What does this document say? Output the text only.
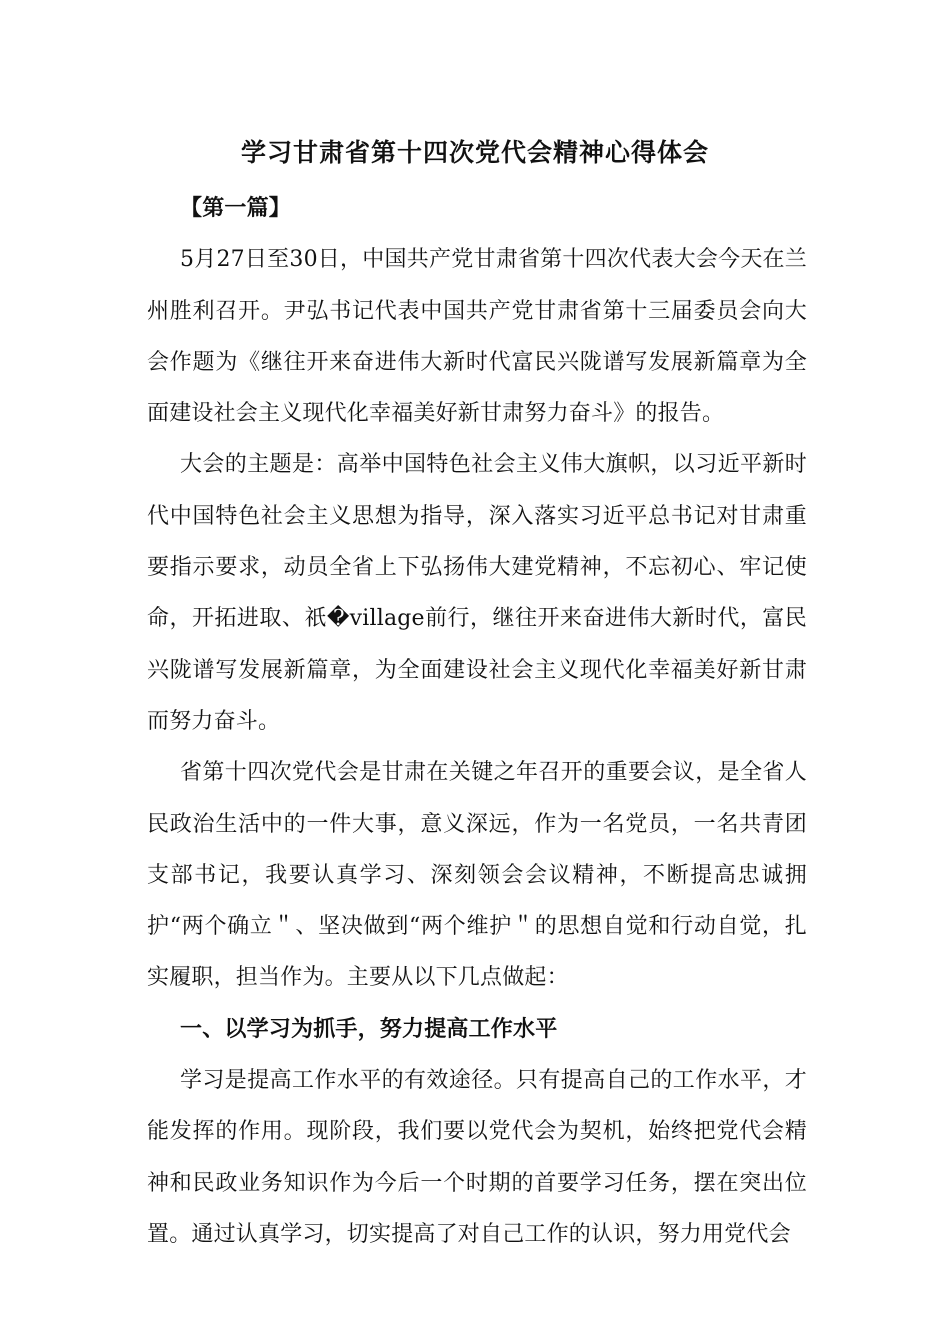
学习甘肃省第十四次党代会精神心得体会

【第一篇】

5月27日至30日，中国共产党甘肃省第十四次代表大会今天在兰州胜利召开。尹弘书记代表中国共产党甘肃省第十三届委员会向大会作题为《继往开来奋进伟大新时代富民兴陇谱写发展新篇章为全面建设社会主义现代化幸福美好新甘肃努力奋斗》的报告。

大会的主题是：高举中国特色社会主义伟大旗帜，以习近平新时代中国特色社会主义思想为指导，深入落实习近平总书记对甘肃重要指示要求，动员全省上下弘扬伟大建党精神，不忘初心、牢记使命，开拓进取、祇�village前行，继往开来奋进伟大新时代，富民兴陇谱写发展新篇章，为全面建设社会主义现代化幸福美好新甘肃而努力奋斗。

省第十四次党代会是甘肃在关键之年召开的重要会议，是全省人民政治生活中的一件大事，意义深远，作为一名党员，一名共青团支部书记，我要认真学习、深刻领会会议精神，不断提高忠诚拥护“两个确立＂、坚决做到“两个维护＂的思想自觉和行动自觉，扎实履职，担当作为。主要从以下几点做起：

一、以学习为抓手，努力提高工作水平

学习是提高工作水平的有效途径。只有提高自己的工作水平，才能发挥的作用。现阶段，我们要以党代会为契机，始终把党代会精神和民政业务知识作为今后一个时期的首要学习任务，摆在突出位置。通过认真学习，切实提高了对自己工作的认识，努力用党代会
